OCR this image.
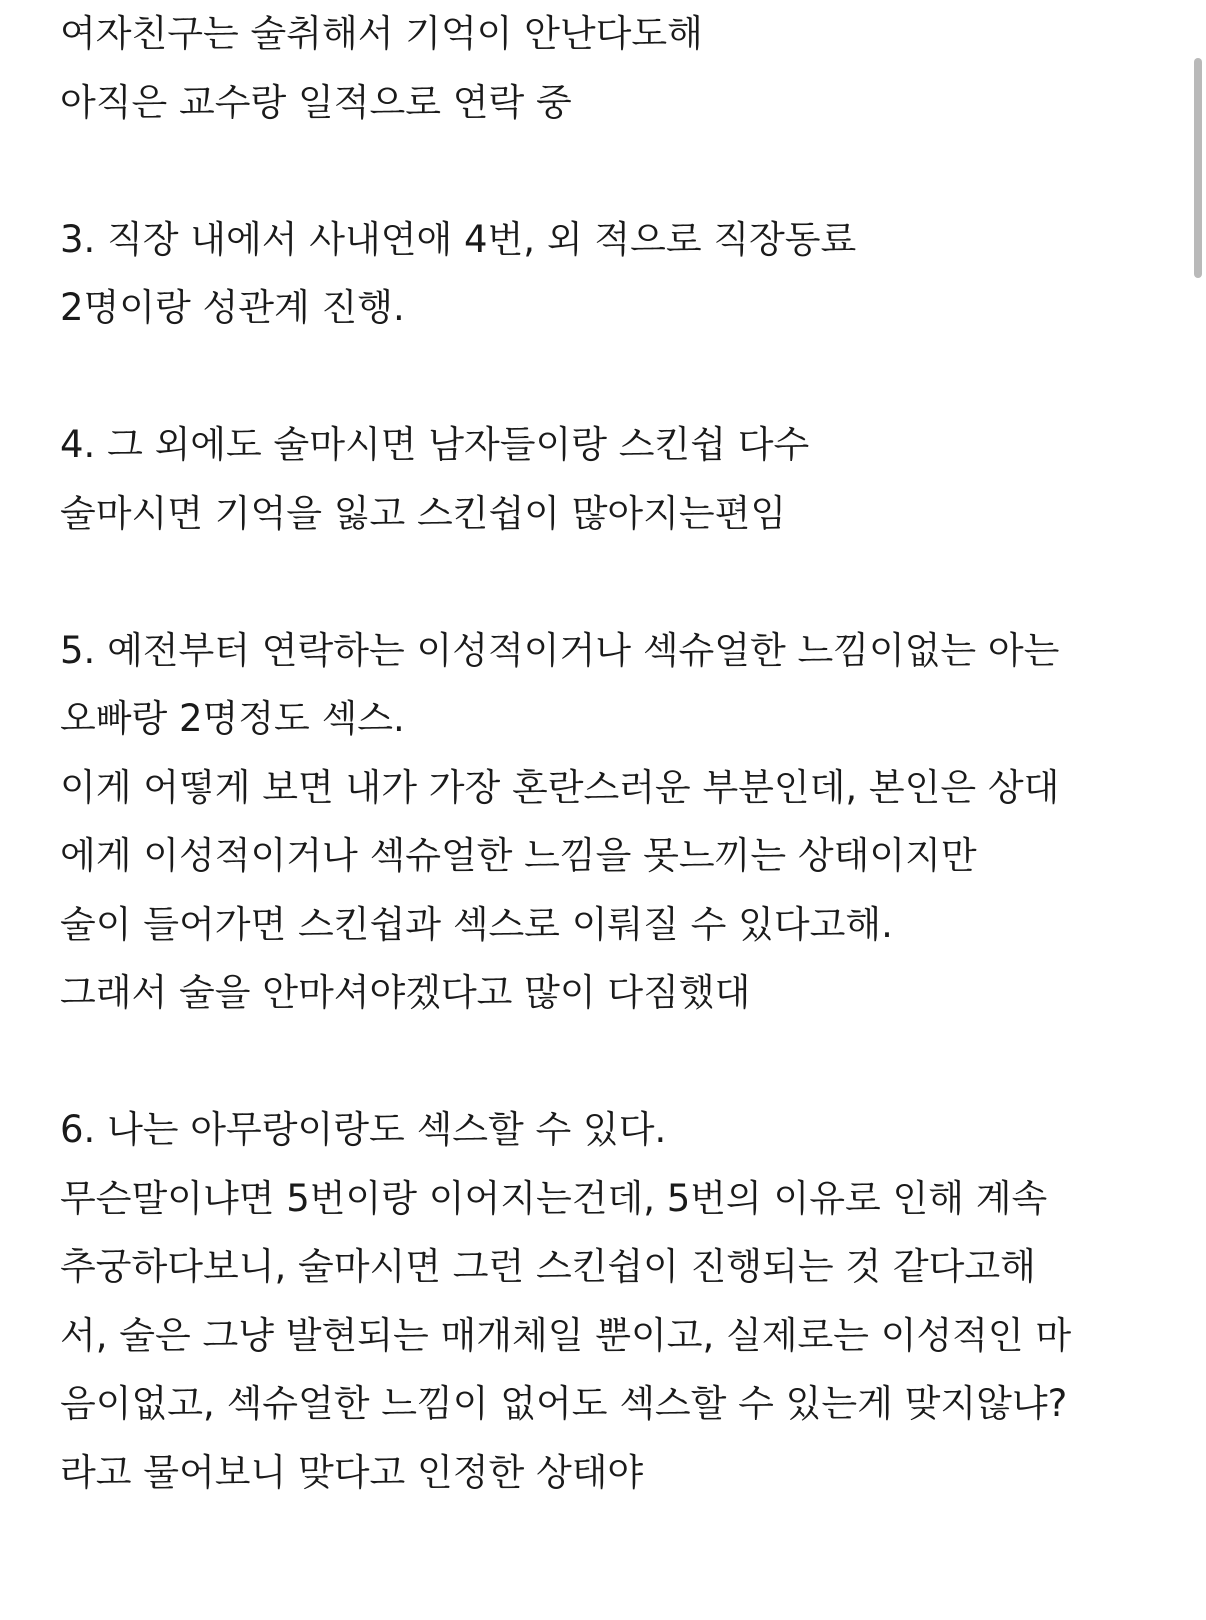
여자친구는 술취해서 기억이 안난다도해
아직은 교수랑 일적으로 연락 중
3. 직장 내에서 사내연애 4번, 외 적으로 직장동료
2명이랑 성관계 진행.
4. 그 외에도 술마시면 남자들이랑 스킨쉽 다수
술마시면 기억을 잃고 스킨쉽이 많아지는편임
5. 예전부터 연락하는 이성적이거나 섹슈얼한 느낌이없는 아는
오빠랑 2명정도 섹스.
이게 어떻게 보면 내가 가장 혼란스러운 부분인데, 본인은 상대
에게 이성적이거나 섹슈얼한 느낌을 못느끼는 상태이지만
술이 들어가면 스킨쉽과 섹스로 이뤄질 수 있다고해.
그래서 술을 안마셔야겠다고 많이 다짐했대
6. 나는 아무랑이랑도 섹스할 수 있다.
무슨말이냐면 5번이랑 이어지는건데, 5번의 이유로 인해 계속
추궁하다보니, 술마시면 그런 스킨쉽이 진행되는 것 같다고해
서, 술은 그냥 발현되는 매개체일 뿐이고, 실제로는 이성적인 마
음이없고, 섹슈얼한 느낌이 없어도 섹스할 수 있는게 맞지않냐?
라고 물어보니 맞다고 인정한 상태야
